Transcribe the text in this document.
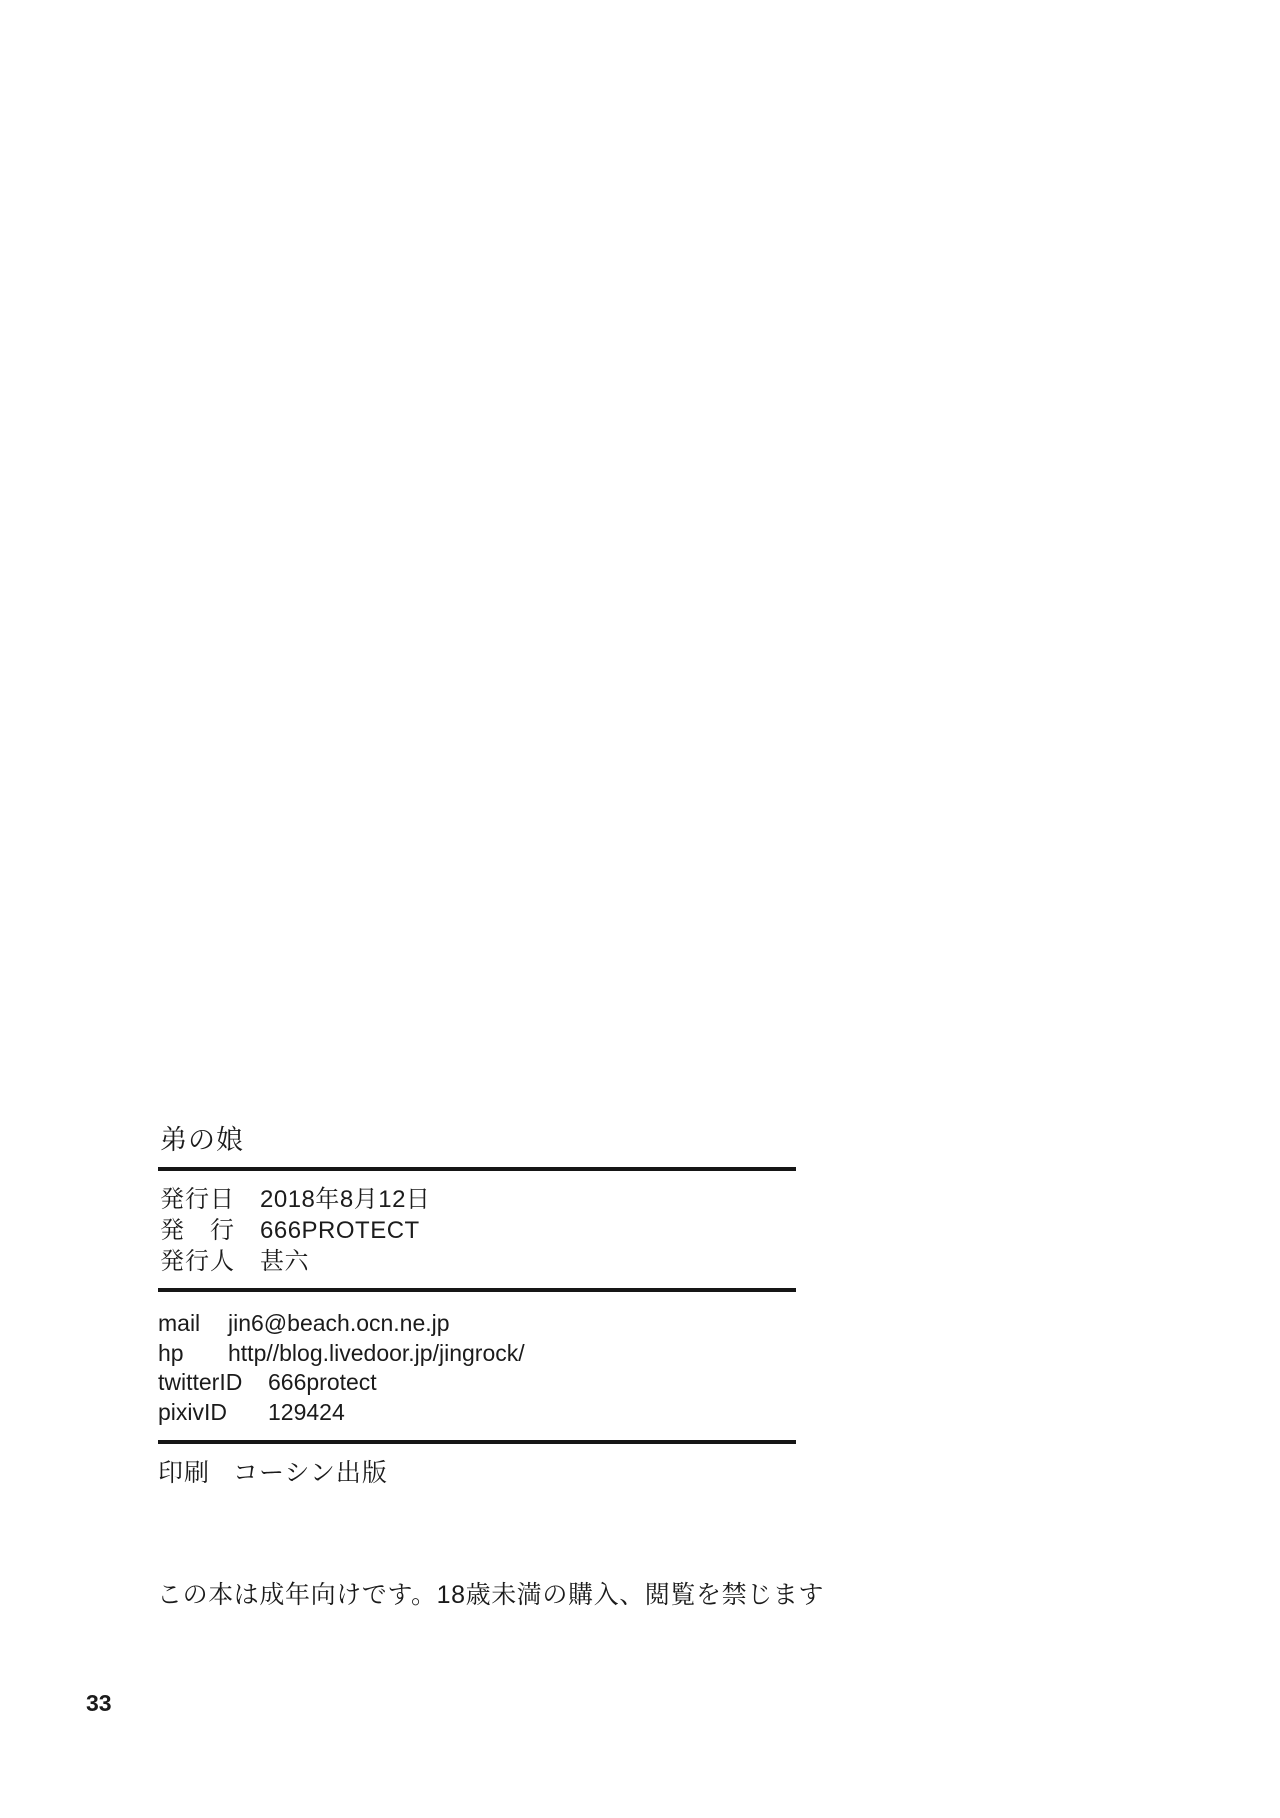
弟の娘
発行日	2018年8月12日
発　行	666PROTECT
発行人	甚六
mail	jin6@beach.ocn.ne.jp
hp	http//blog.livedoor.jp/jingrock/
twitterID	666protect
pixivID	129424
印刷 コーシン出版
この本は成年向けです。18歳未満の購入、閲覧を禁じます
33
